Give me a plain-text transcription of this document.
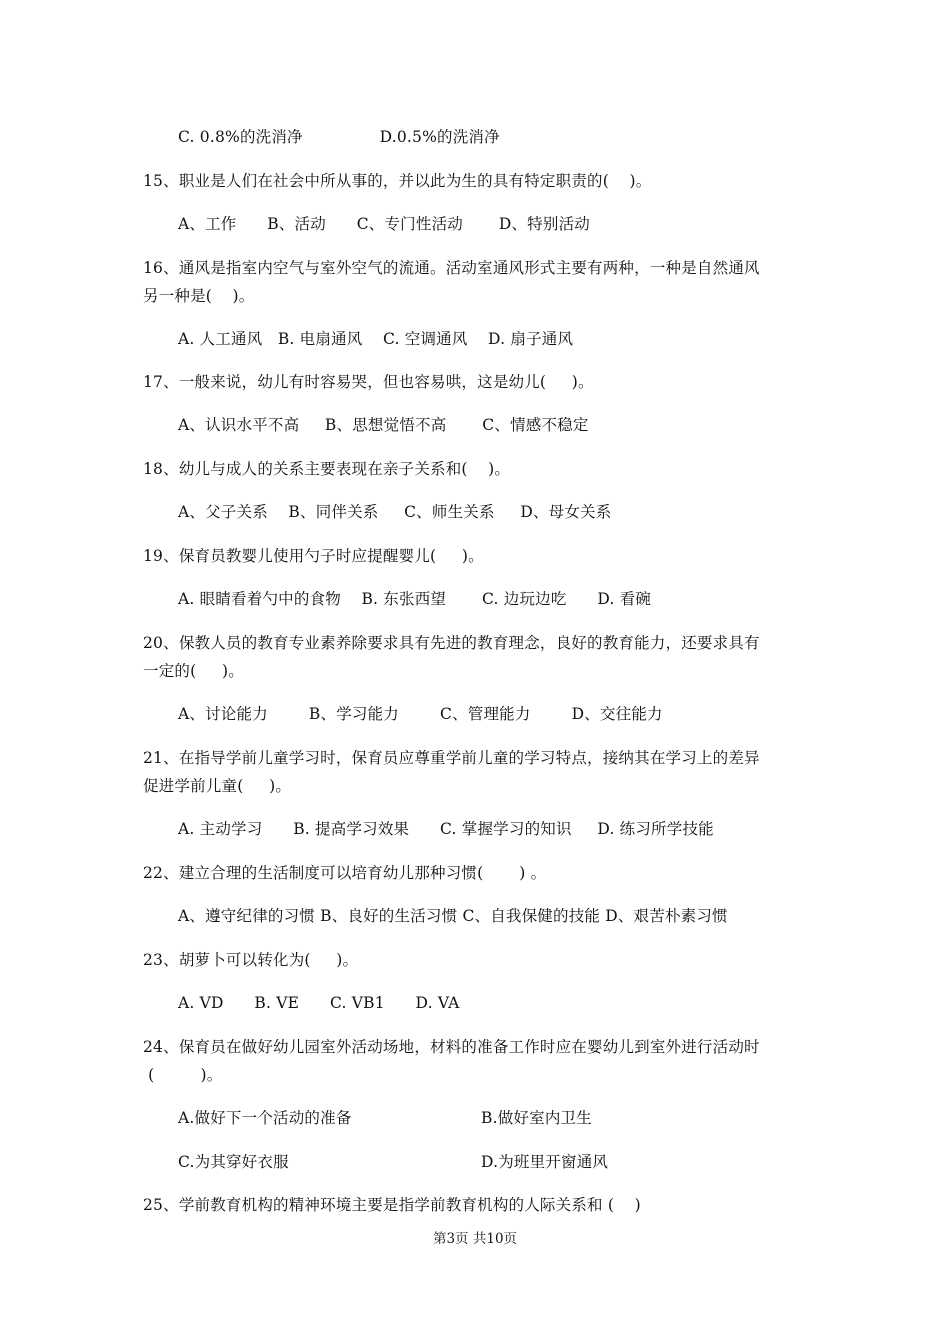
C. 0.8%的洗消净               D.0.5%的洗消净
15、职业是人们在社会中所从事的，并以此为生的具有特定职责的(    )。
A、工作      B、活动      C、专门性活动       D、特别活动
16、通风是指室内空气与室外空气的流通。活动室通风形式主要有两种，一种是自然通风
另一种是(    )。
A. 人工通风   B. 电扇通风    C. 空调通风    D. 扇子通风
17、一般来说，幼儿有时容易哭，但也容易哄，这是幼儿(     )。
A、认识水平不高     B、思想觉悟不高       C、情感不稳定
18、幼儿与成人的关系主要表现在亲子关系和(    )。
A、父子关系    B、同伴关系     C、师生关系     D、母女关系
19、保育员教婴儿使用勺子时应提醒婴儿(     )。
A. 眼睛看着勺中的食物    B. 东张西望       C. 边玩边吃      D. 看碗
20、保教人员的教育专业素养除要求具有先进的教育理念，良好的教育能力，还要求具有
一定的(     )。
A、讨论能力        B、学习能力        C、管理能力        D、交往能力
21、在指导学前儿童学习时，保育员应尊重学前儿童的学习特点，接纳其在学习上的差异
促进学前儿童(     )。
A. 主动学习      B. 提高学习效果      C. 掌握学习的知识     D. 练习所学技能
22、建立合理的生活制度可以培育幼儿那种习惯(       ) 。
A、遵守纪律的习惯 B、良好的生活习惯 C、自我保健的技能 D、艰苦朴素习惯
23、胡萝卜可以转化为(     )。
A. VD      B. VE      C. VB1      D. VA
24、保育员在做好幼儿园室外活动场地，材料的准备工作时应在婴幼儿到室外进行活动时
(         )。
A.做好下一个活动的准备	B.做好室内卫生
C.为其穿好衣服	D.为班里开窗通风
25、学前教育机构的精神环境主要是指学前教育机构的人际关系和 (    )
第3页 共10页
